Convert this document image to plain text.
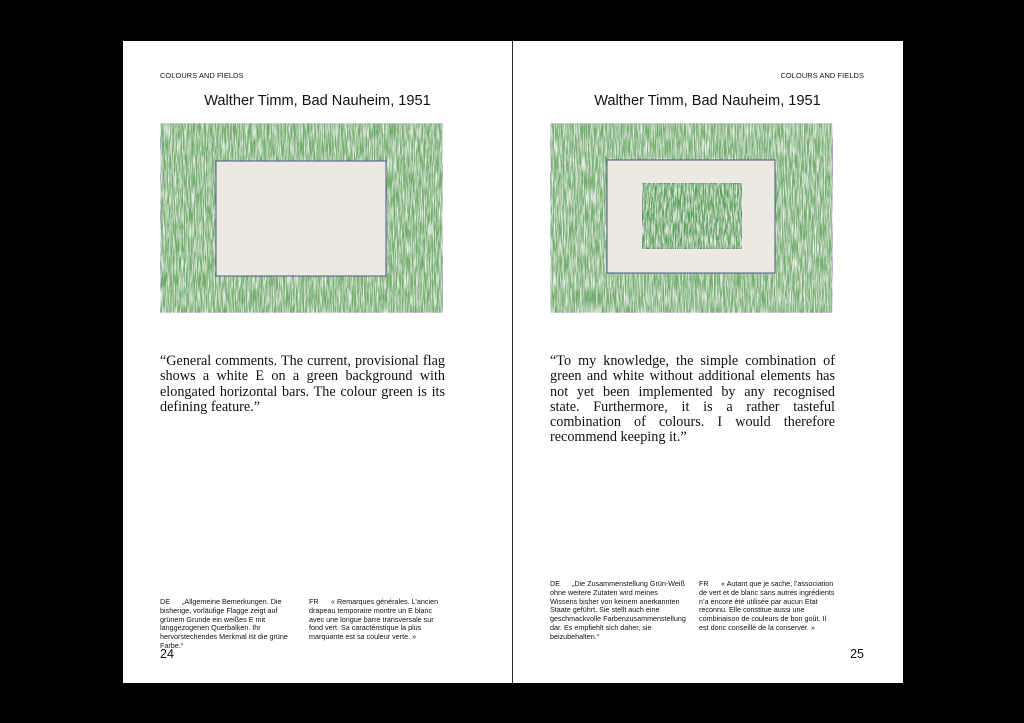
COLOURS AND FIELDS
Walther Timm, Bad Nauheim, 1951

“General comments. The current, provisional flag shows a white E on a green background with elongated horizontal bars. The colour green is its defining feature.”

DE „Allgemeine Bemerkungen. Die bisherige, vorläufige Flagge zeigt auf grünem Grunde ein weißes E mit langgezogenen Querbalken. Ihr hervorstechendes Merkmal ist die grüne Farbe.“

FR « Remarques générales. L’ancien drapeau temporaire montre un E blanc avec une longue barre transversale sur fond vert. Sa caractéristique la plus marquante est sa couleur verte. »

24
COLOURS AND FIELDS
Walther Timm, Bad Nauheim, 1951

“To my knowledge, the simple combination of green and white without additional elements has not yet been implemented by any recognised state. Furthermore, it is a rather tasteful combination of colours. I would therefore recommend keeping it.”

DE „Die Zusammenstellung Grün-Weiß ohne weitere Zutaten wird meines Wissens bisher von keinem anerkannten Staate geführt. Sie stellt auch eine geschmackvolle Farbenzusammenstellung dar. Es empfiehlt sich daher, sie beizubehalten.“

FR « Autant que je sache, l’association de vert et de blanc sans autres ingrédients n’a encore été utilisée par aucun Etat reconnu. Elle constitue aussi une combinaison de couleurs de bon goût. Il est donc conseillé de la conserver. »

25
